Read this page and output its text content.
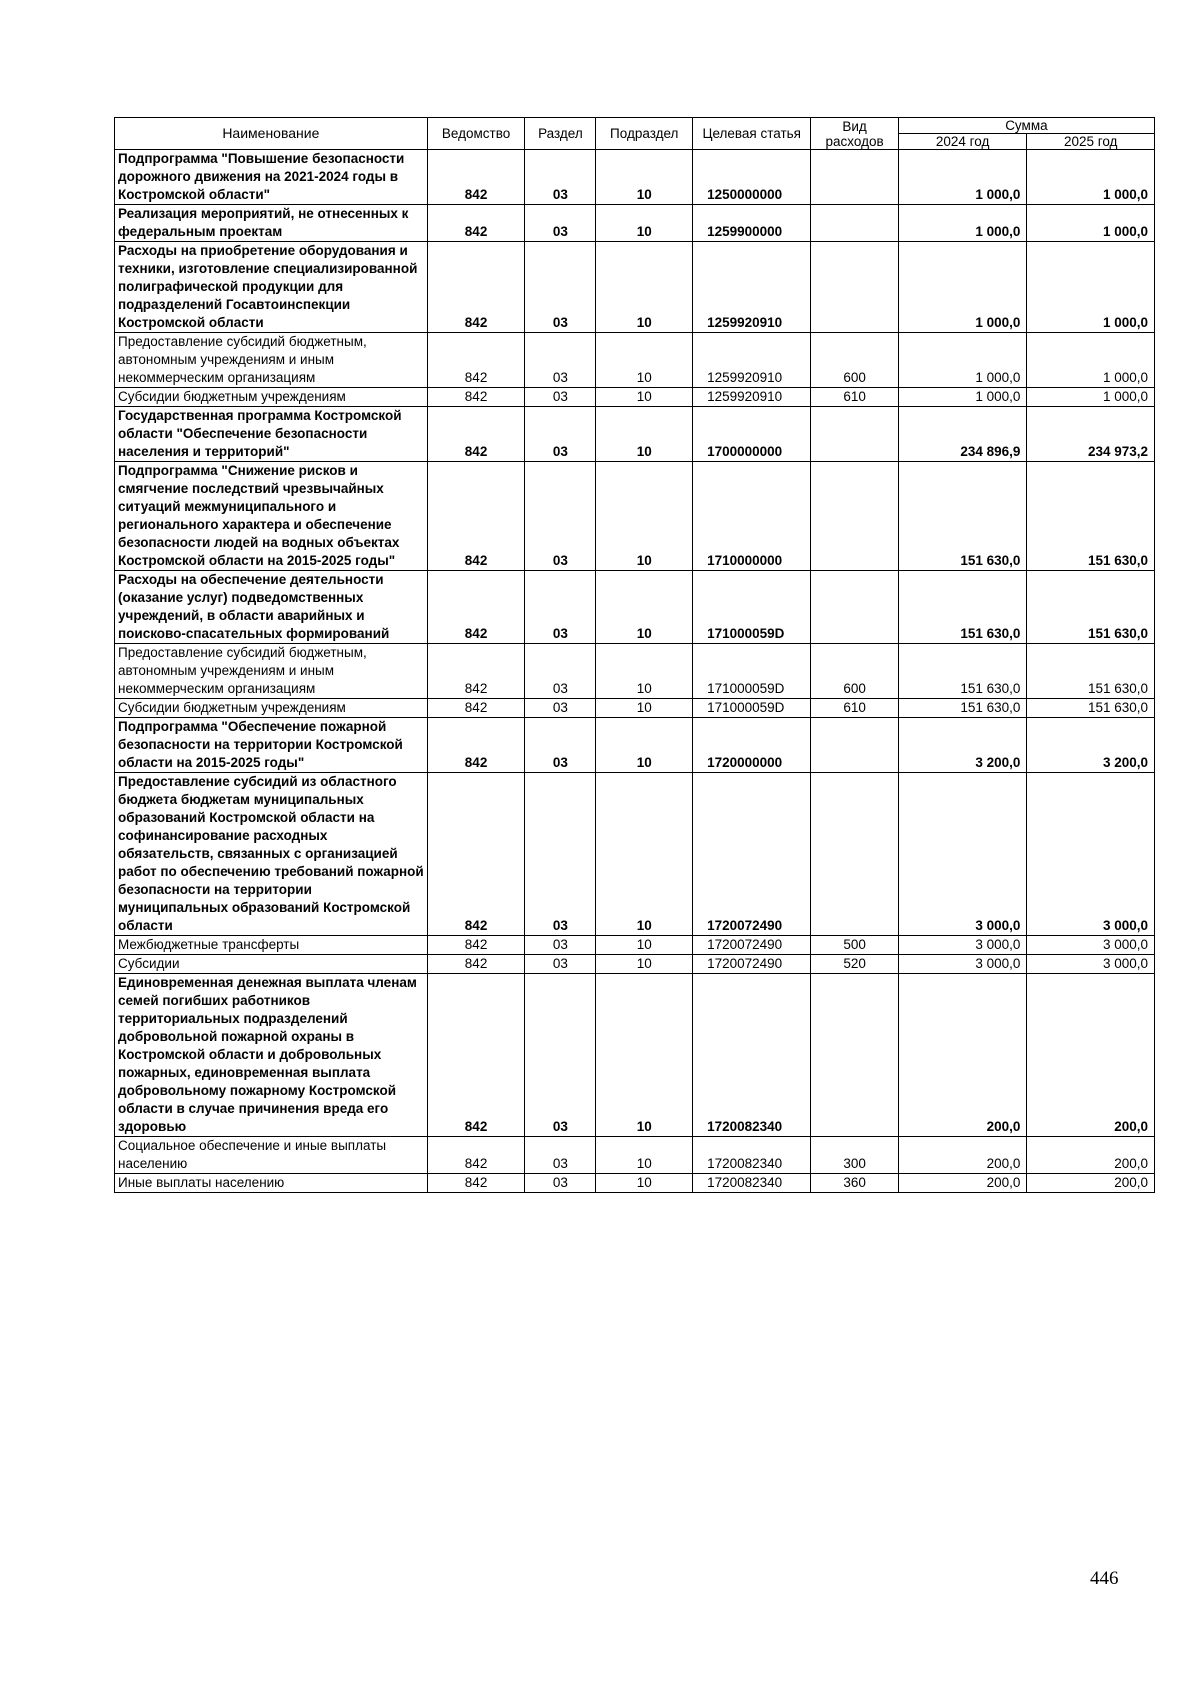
Наименование	Ведомство	Раздел	Подраздел	Целевая статья	Вид расходов	Сумма	
						2024 год	2025 год
Подпрограмма "Повышение безопасности дорожного движения на 2021-2024 годы в Костромской области"	842	03	10	1250000000		1 000,0	1 000,0
Реализация мероприятий, не отнесенных к федеральным проектам	842	03	10	1259900000		1 000,0	1 000,0
Расходы на приобретение оборудования и техники, изготовление специализированной полиграфической продукции для подразделений Госавтоинспекции Костромской области	842	03	10	1259920910		1 000,0	1 000,0
Предоставление субсидий бюджетным, автономным учреждениям и иным некоммерческим организациям	842	03	10	1259920910	600	1 000,0	1 000,0
Субсидии бюджетным учреждениям	842	03	10	1259920910	610	1 000,0	1 000,0
Государственная программа Костромской области "Обеспечение безопасности населения и территорий"	842	03	10	1700000000		234 896,9	234 973,2
Подпрограмма "Снижение рисков и смягчение последствий чрезвычайных ситуаций межмуниципального и регионального характера и обеспечение безопасности людей на водных объектах Костромской области на 2015-2025 годы"	842	03	10	1710000000		151 630,0	151 630,0
Расходы на обеспечение деятельности (оказание услуг) подведомственных учреждений, в области аварийных и поисково-спасательных формирований	842	03	10	171000059D		151 630,0	151 630,0
Предоставление субсидий бюджетным, автономным учреждениям и иным некоммерческим организациям	842	03	10	171000059D	600	151 630,0	151 630,0
Субсидии бюджетным учреждениям	842	03	10	171000059D	610	151 630,0	151 630,0
Подпрограмма "Обеспечение пожарной безопасности на территории Костромской области на 2015-2025 годы"	842	03	10	1720000000		3 200,0	3 200,0
Предоставление субсидий из областного бюджета бюджетам муниципальных образований Костромской области на софинансирование расходных обязательств, связанных с организацией работ по обеспечению требований пожарной безопасности на территории муниципальных образований Костромской области	842	03	10	1720072490		3 000,0	3 000,0
Межбюджетные трансферты	842	03	10	1720072490	500	3 000,0	3 000,0
Субсидии	842	03	10	1720072490	520	3 000,0	3 000,0
Единовременная денежная выплата членам семей погибших работников территориальных подразделений добровольной пожарной охраны в Костромской области и добровольных пожарных, единовременная выплата добровольному пожарному Костромской области в случае причинения вреда его здоровью	842	03	10	1720082340		200,0	200,0
Социальное обеспечение и иные выплаты населению	842	03	10	1720082340	300	200,0	200,0
Иные выплаты населению	842	03	10	1720082340	360	200,0	200,0
446
